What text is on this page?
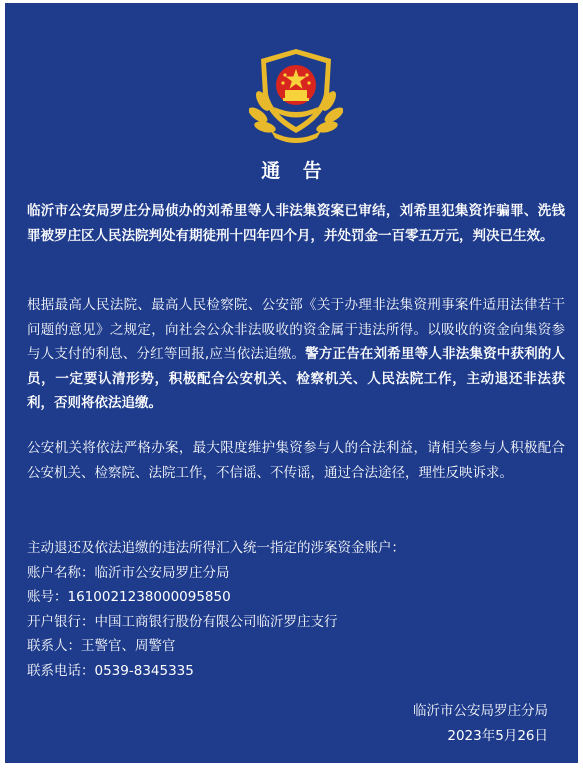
通 告

临沂市公安局罗庄分局侦办的刘希里等人非法集资案已审结，刘希里犯集资诈骗罪、洗钱罪被罗庄区人民法院判处有期徒刑十四年四个月，并处罚金一百零五万元，判决已生效。

根据最高人民法院、最高人民检察院、公安部《关于办理非法集资刑事案件适用法律若干问题的意见》之规定，向社会公众非法吸收的资金属于违法所得。以吸收的资金向集资参与人支付的利息、分红等回报,应当依法追缴。警方正告在刘希里等人非法集资中获利的人员，一定要认清形势，积极配合公安机关、检察机关、人民法院工作，主动退还非法获利，否则将依法追缴。

公安机关将依法严格办案，最大限度维护集资参与人的合法利益，请相关参与人积极配合公安机关、检察院、法院工作，不信谣、不传谣，通过合法途径，理性反映诉求。

主动退还及依法追缴的违法所得汇入统一指定的涉案资金账户：
账户名称：临沂市公安局罗庄分局
账号：1610021238000095850
开户银行：中国工商银行股份有限公司临沂罗庄支行
联系人：王警官、周警官
联系电话：0539-8345335
临沂市公安局罗庄分局
2023年5月26日
